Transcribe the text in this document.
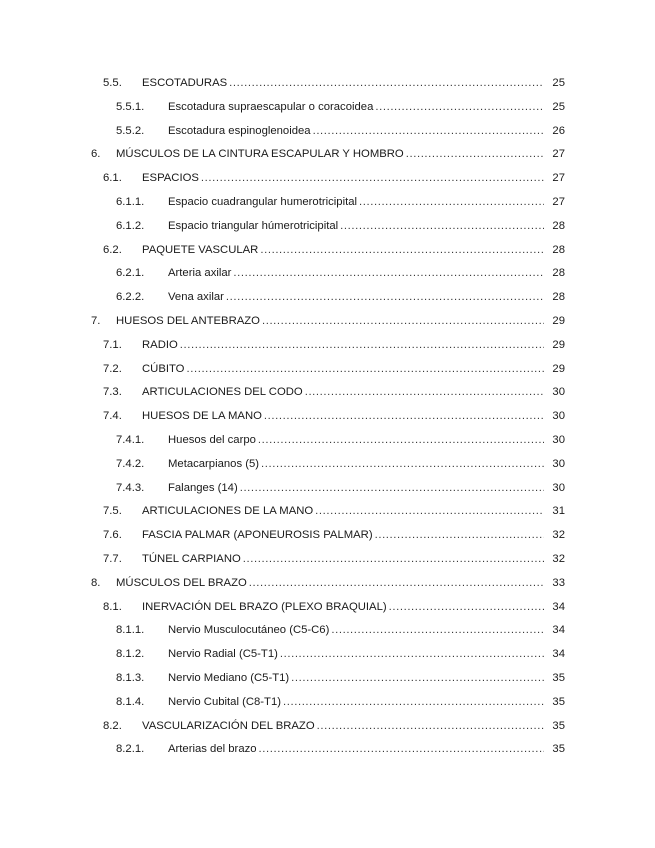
5.5. ESCOTADURAS .....	25
5.5.1. Escotadura supraescapular o coracoidea .....	25
5.5.2. Escotadura espinoglenoidea .....	26
6. MÚSCULOS DE LA CINTURA ESCAPULAR Y HOMBRO .....	27
6.1. ESPACIOS .....	27
6.1.1. Espacio cuadrangular humerotricipital .....	27
6.1.2. Espacio triangular húmerotricipital .....	28
6.2. PAQUETE VASCULAR .....	28
6.2.1. Arteria axilar .....	28
6.2.2. Vena axilar .....	28
7. HUESOS DEL ANTEBRAZO .....	29
7.1. RADIO .....	29
7.2. CÚBITO .....	29
7.3. ARTICULACIONES DEL CODO .....	30
7.4. HUESOS DE LA MANO .....	30
7.4.1. Huesos del carpo .....	30
7.4.2. Metacarpianos (5) .....	30
7.4.3. Falanges (14) .....	30
7.5. ARTICULACIONES DE LA MANO .....	31
7.6. FASCIA PALMAR (APONEUROSIS PALMAR) .....	32
7.7. TÚNEL CARPIANO .....	32
8. MÚSCULOS DEL BRAZO .....	33
8.1. INERVACIÓN DEL BRAZO (PLEXO BRAQUIAL) .....	34
8.1.1. Nervio Musculocutáneo (C5-C6) .....	34
8.1.2. Nervio Radial (C5-T1) .....	34
8.1.3. Nervio Mediano (C5-T1) .....	35
8.1.4. Nervio Cubital (C8-T1) .....	35
8.2. VASCULARIZACIÓN DEL BRAZO .....	35
8.2.1. Arterias del brazo .....	35
